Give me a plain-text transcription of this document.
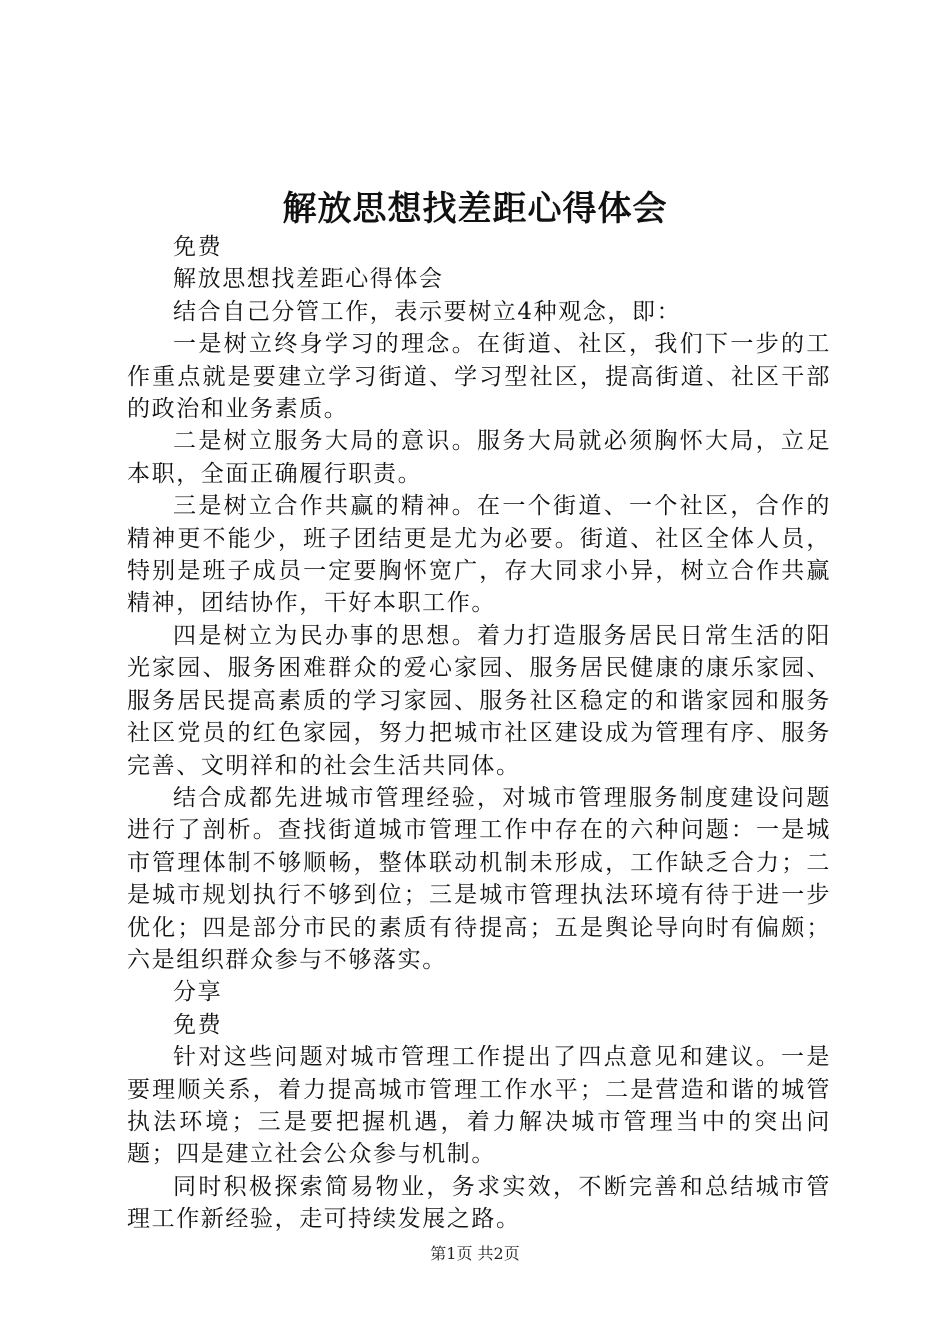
解放思想找差距心得体会

免费

解放思想找差距心得体会

结合自己分管工作，表示要树立4种观念，即：

一是树立终身学习的理念。在街道、社区，我们下一步的工作重点就是要建立学习街道、学习型社区，提高街道、社区干部的政治和业务素质。

二是树立服务大局的意识。服务大局就必须胸怀大局，立足本职，全面正确履行职责。

三是树立合作共赢的精神。在一个街道、一个社区，合作的精神更不能少，班子团结更是尤为必要。街道、社区全体人员，特别是班子成员一定要胸怀宽广，存大同求小异，树立合作共赢精神，团结协作，干好本职工作。

四是树立为民办事的思想。着力打造服务居民日常生活的阳光家园、服务困难群众的爱心家园、服务居民健康的康乐家园、服务居民提高素质的学习家园、服务社区稳定的和谐家园和服务社区党员的红色家园，努力把城市社区建设成为管理有序、服务完善、文明祥和的社会生活共同体。

结合成都先进城市管理经验，对城市管理服务制度建设问题进行了剖析。查找街道城市管理工作中存在的六种问题：一是城市管理体制不够顺畅，整体联动机制未形成，工作缺乏合力；二是城市规划执行不够到位；三是城市管理执法环境有待于进一步优化；四是部分市民的素质有待提高；五是舆论导向时有偏颇；六是组织群众参与不够落实。

分享

免费

针对这些问题对城市管理工作提出了四点意见和建议。一是要理顺关系，着力提高城市管理工作水平；二是营造和谐的城管执法环境；三是要把握机遇，着力解决城市管理当中的突出问题；四是建立社会公众参与机制。

同时积极探索简易物业，务求实效，不断完善和总结城市管理工作新经验，走可持续发展之路。

第1页 共2页
